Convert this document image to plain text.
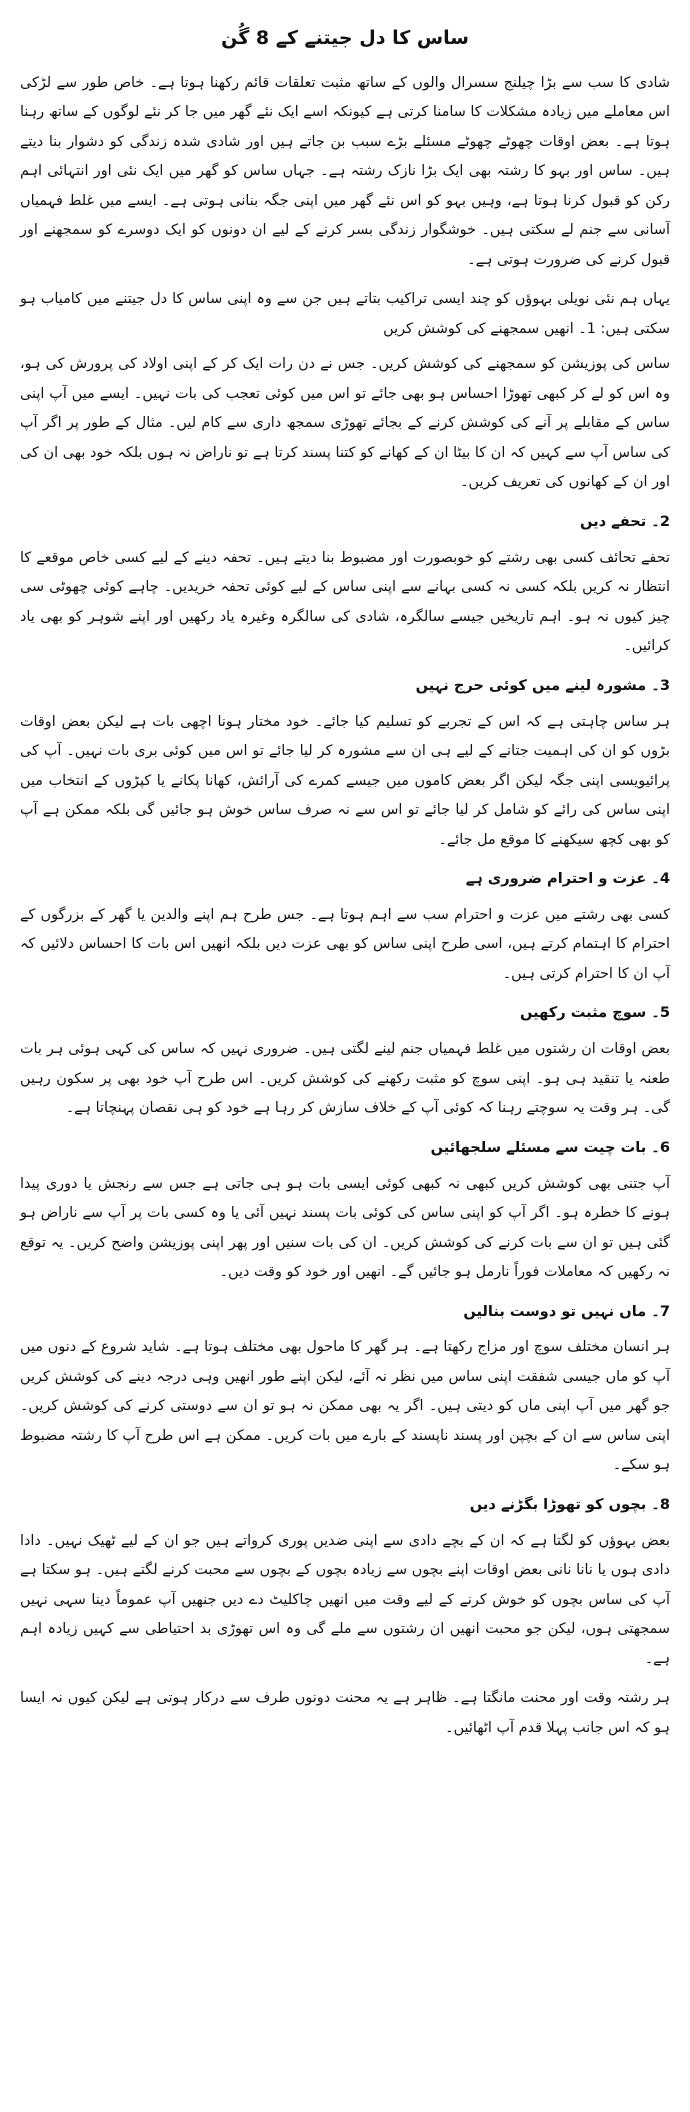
ساس کا دل جیتنے کے 8 گُن

شادی کا سب سے بڑا چیلنج سسرال والوں کے ساتھ مثبت تعلقات قائم رکھنا ہوتا ہے۔ خاص طور سے لڑکی اس معاملے میں زیادہ مشکلات کا سامنا کرتی ہے کیونکہ اسے ایک نئے گھر میں جا کر نئے لوگوں کے ساتھ رہنا ہوتا ہے۔ بعض اوقات چھوٹے چھوٹے مسئلے بڑے سبب بن جاتے ہیں اور شادی شدہ زندگی کو دشوار بنا دیتے ہیں۔ ساس اور بہو کا رشتہ بھی ایک بڑا نازک رشتہ ہے۔ جہاں ساس کو گھر میں ایک نئی اور انتہائی اہم رکن کو قبول کرنا ہوتا ہے، وہیں بہو کو اس نئے گھر میں اپنی جگہ بنانی ہوتی ہے۔ ایسے میں غلط فہمیاں آسانی سے جنم لے سکتی ہیں۔ خوشگوار زندگی بسر کرنے کے لیے ان دونوں کو ایک دوسرے کو سمجھنے اور قبول کرنے کی ضرورت ہوتی ہے۔

یہاں ہم نئی نویلی بہوؤں کو چند ایسی تراکیب بتاتے ہیں جن سے وہ اپنی ساس کا دل جیتنے میں کامیاب ہو سکتی ہیں: 1۔ انھیں سمجھنے کی کوشش کریں

ساس کی پوزیشن کو سمجھنے کی کوشش کریں۔ جس نے دن رات ایک کر کے اپنی اولاد کی پرورش کی ہو، وہ اس کو لے کر کبھی تھوڑا احساس ہو بھی جائے تو اس میں کوئی تعجب کی بات نہیں۔ ایسے میں آپ اپنی ساس کے مقابلے پر آنے کی کوشش کرنے کے بجائے تھوڑی سمجھ داری سے کام لیں۔ مثال کے طور پر اگر آپ کی ساس آپ سے کہیں کہ ان کا بیٹا ان کے کھانے کو کتنا پسند کرتا ہے تو ناراض نہ ہوں بلکہ خود بھی ان کی اور ان کے کھانوں کی تعریف کریں۔

2۔ تحفے دیں

تحفے تحائف کسی بھی رشتے کو خوبصورت اور مضبوط بنا دیتے ہیں۔ تحفہ دینے کے لیے کسی خاص موقعے کا انتظار نہ کریں بلکہ کسی نہ کسی بہانے سے اپنی ساس کے لیے کوئی تحفہ خریدیں۔ چاہے کوئی چھوٹی سی چیز کیوں نہ ہو۔ اہم تاریخیں جیسے سالگرہ، شادی کی سالگرہ وغیرہ یاد رکھیں اور اپنے شوہر کو بھی یاد کرائیں۔

3۔ مشورہ لینے میں کوئی حرج نہیں

ہر ساس چاہتی ہے کہ اس کے تجربے کو تسلیم کیا جائے۔ خود مختار ہونا اچھی بات ہے لیکن بعض اوقات بڑوں کو ان کی اہمیت جتانے کے لیے ہی ان سے مشورہ کر لیا جائے تو اس میں کوئی بری بات نہیں۔ آپ کی پرائیویسی اپنی جگہ لیکن اگر بعض کاموں میں جیسے کمرے کی آرائش، کھانا پکانے یا کپڑوں کے انتخاب میں اپنی ساس کی رائے کو شامل کر لیا جائے تو اس سے نہ صرف ساس خوش ہو جائیں گی بلکہ ممکن ہے آپ کو بھی کچھ سیکھنے کا موقع مل جائے۔

4۔ عزت و احترام ضروری ہے

کسی بھی رشتے میں عزت و احترام سب سے اہم ہوتا ہے۔ جس طرح ہم اپنے والدین یا گھر کے بزرگوں کے احترام کا اہتمام کرتے ہیں، اسی طرح اپنی ساس کو بھی عزت دیں بلکہ انھیں اس بات کا احساس دلائیں کہ آپ ان کا احترام کرتی ہیں۔

5۔ سوچ مثبت رکھیں

بعض اوقات ان رشتوں میں غلط فہمیاں جنم لینے لگتی ہیں۔ ضروری نہیں کہ ساس کی کہی ہوئی ہر بات طعنہ یا تنقید ہی ہو۔ اپنی سوچ کو مثبت رکھنے کی کوشش کریں۔ اس طرح آپ خود بھی پر سکون رہیں گی۔ ہر وقت یہ سوچتے رہنا کہ کوئی آپ کے خلاف سازش کر رہا ہے خود کو ہی نقصان پہنچاتا ہے۔

6۔ بات چیت سے مسئلے سلجھائیں

آپ جتنی بھی کوشش کریں کبھی نہ کبھی کوئی ایسی بات ہو ہی جاتی ہے جس سے رنجش یا دوری پیدا ہونے کا خطرہ ہو۔ اگر آپ کو اپنی ساس کی کوئی بات پسند نہیں آئی یا وہ کسی بات پر آپ سے ناراض ہو گئی ہیں تو ان سے بات کرنے کی کوشش کریں۔ ان کی بات سنیں اور پھر اپنی پوزیشن واضح کریں۔ یہ توقع نہ رکھیں کہ معاملات فوراً نارمل ہو جائیں گے۔ انھیں اور خود کو وقت دیں۔

7۔ ماں نہیں تو دوست بنالیں

ہر انسان مختلف سوچ اور مزاج رکھتا ہے۔ ہر گھر کا ماحول بھی مختلف ہوتا ہے۔ شاید شروع کے دنوں میں آپ کو ماں جیسی شفقت اپنی ساس میں نظر نہ آئے، لیکن اپنے طور انھیں وہی درجہ دینے کی کوشش کریں جو گھر میں آپ اپنی ماں کو دیتی ہیں۔ اگر یہ بھی ممکن نہ ہو تو ان سے دوستی کرنے کی کوشش کریں۔ اپنی ساس سے ان کے بچپن اور پسند ناپسند کے بارے میں بات کریں۔ ممکن ہے اس طرح آپ کا رشتہ مضبوط ہو سکے۔

8۔ بچوں کو تھوڑا بگڑنے دیں

بعض بہوؤں کو لگتا ہے کہ ان کے بچے دادی سے اپنی ضدیں پوری کرواتے ہیں جو ان کے لیے ٹھیک نہیں۔ دادا دادی ہوں یا نانا نانی بعض اوقات اپنے بچوں سے زیادہ بچوں کے بچوں سے محبت کرنے لگتے ہیں۔ ہو سکتا ہے آپ کی ساس بچوں کو خوش کرنے کے لیے وقت میں انھیں چاکلیٹ دے دیں جنھیں آپ عموماً دینا سہی نہیں سمجھتی ہوں، لیکن جو محبت انھیں ان رشتوں سے ملے گی وہ اس تھوڑی بد احتیاطی سے کہیں زیادہ اہم ہے۔

ہر رشتہ وقت اور محنت مانگتا ہے۔ ظاہر ہے یہ محنت دونوں طرف سے درکار ہوتی ہے لیکن کیوں نہ ایسا ہو کہ اس جانب پہلا قدم آپ اٹھائیں۔
